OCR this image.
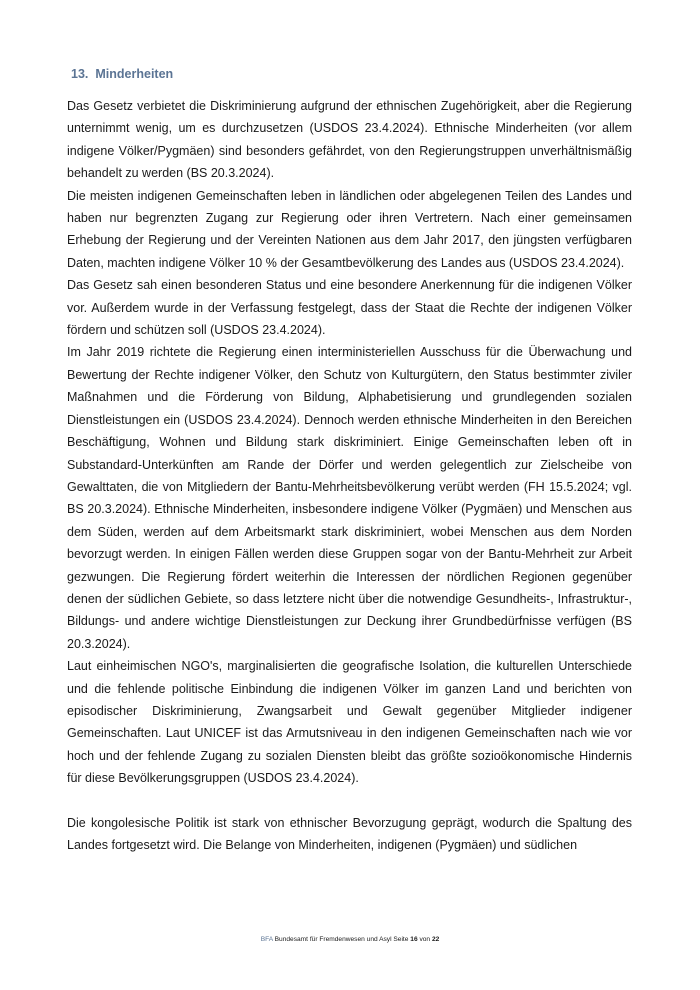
13. Minderheiten

Das Gesetz verbietet die Diskriminierung aufgrund der ethnischen Zugehörigkeit, aber die Regierung unternimmt wenig, um es durchzusetzen (USDOS 23.4.2024). Ethnische Minderheiten (vor allem indigene Völker/Pygmäen) sind besonders gefährdet, von den Regierungstruppen unverhältnismäßig behandelt zu werden (BS 20.3.2024).

Die meisten indigenen Gemeinschaften leben in ländlichen oder abgelegenen Teilen des Landes und haben nur begrenzten Zugang zur Regierung oder ihren Vertretern. Nach einer gemeinsamen Erhebung der Regierung und der Vereinten Nationen aus dem Jahr 2017, den jüngsten verfügbaren Daten, machten indigene Völker 10 % der Gesamtbevölkerung des Landes aus (USDOS 23.4.2024).

Das Gesetz sah einen besonderen Status und eine besondere Anerkennung für die indigenen Völker vor. Außerdem wurde in der Verfassung festgelegt, dass der Staat die Rechte der indigenen Völker fördern und schützen soll (USDOS 23.4.2024).

Im Jahr 2019 richtete die Regierung einen interministeriellen Ausschuss für die Überwachung und Bewertung der Rechte indigener Völker, den Schutz von Kulturgütern, den Status bestimmter ziviler Maßnahmen und die Förderung von Bildung, Alphabetisierung und grundlegenden sozialen Dienstleistungen ein (USDOS 23.4.2024). Dennoch werden ethnische Minderheiten in den Bereichen Beschäftigung, Wohnen und Bildung stark diskriminiert. Einige Gemeinschaften leben oft in Substandard-Unterkünften am Rande der Dörfer und werden gelegentlich zur Zielscheibe von Gewalttaten, die von Mitgliedern der Bantu-Mehrheitsbevölkerung verübt werden (FH 15.5.2024; vgl. BS 20.3.2024). Ethnische Minderheiten, insbesondere indigene Völker (Pygmäen) und Menschen aus dem Süden, werden auf dem Arbeitsmarkt stark diskriminiert, wobei Menschen aus dem Norden bevorzugt werden. In einigen Fällen werden diese Gruppen sogar von der Bantu-Mehrheit zur Arbeit gezwungen. Die Regierung fördert weiterhin die Interessen der nördlichen Regionen gegenüber denen der südlichen Gebiete, so dass letztere nicht über die notwendige Gesundheits-, Infrastruktur-, Bildungs- und andere wichtige Dienstleistungen zur Deckung ihrer Grundbedürfnisse verfügen (BS 20.3.2024).

Laut einheimischen NGO's, marginalisierten die geografische Isolation, die kulturellen Unterschiede und die fehlende politische Einbindung die indigenen Völker im ganzen Land und berichten von episodischer Diskriminierung, Zwangsarbeit und Gewalt gegenüber Mitglieder indigener Gemeinschaften. Laut UNICEF ist das Armutsniveau in den indigenen Gemeinschaften nach wie vor hoch und der fehlende Zugang zu sozialen Diensten bleibt das größte sozioökonomische Hindernis für diese Bevölkerungsgruppen (USDOS 23.4.2024).

Die kongolesische Politik ist stark von ethnischer Bevorzugung geprägt, wodurch die Spaltung des Landes fortgesetzt wird. Die Belange von Minderheiten, indigenen (Pygmäen) und südlichen

BFA Bundesamt für Fremdenwesen und Asyl Seite 16 von 22
